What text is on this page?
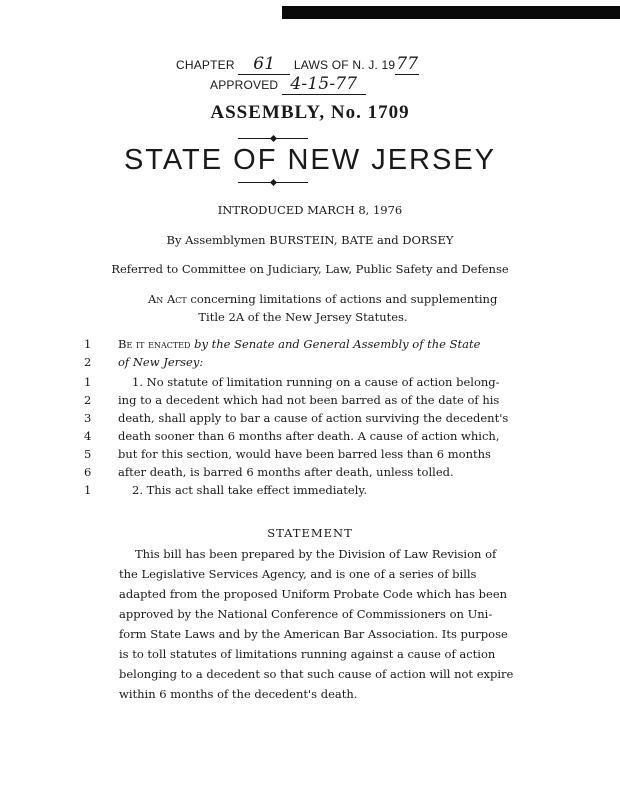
CHAPTER 61 LAWS OF N. J. 1977
APPROVED 4-15-77
ASSEMBLY, No. 1709
STATE OF NEW JERSEY
INTRODUCED MARCH 8, 1976
By Assemblymen BURSTEIN, BATE and DORSEY
Referred to Committee on Judiciary, Law, Public Safety and Defense
An Act concerning limitations of actions and supplementing
Title 2A of the New Jersey Statutes.
1	Be it enacted by the Senate and General Assembly of the State
2	of New Jersey:
1	1. No statute of limitation running on a cause of action belong-
2	ing to a decedent which had not been barred as of the date of his
3	death, shall apply to bar a cause of action surviving the decedent's
4	death sooner than 6 months after death. A cause of action which,
5	but for this section, would have been barred less than 6 months
6	after death, is barred 6 months after death, unless tolled.
1	2. This act shall take effect immediately.
STATEMENT
This bill has been prepared by the Division of Law Revision of
the Legislative Services Agency, and is one of a series of bills
adapted from the proposed Uniform Probate Code which has been
approved by the National Conference of Commissioners on Uni-
form State Laws and by the American Bar Association. Its purpose
is to toll statutes of limitations running against a cause of action
belonging to a decedent so that such cause of action will not expire
within 6 months of the decedent's death.
